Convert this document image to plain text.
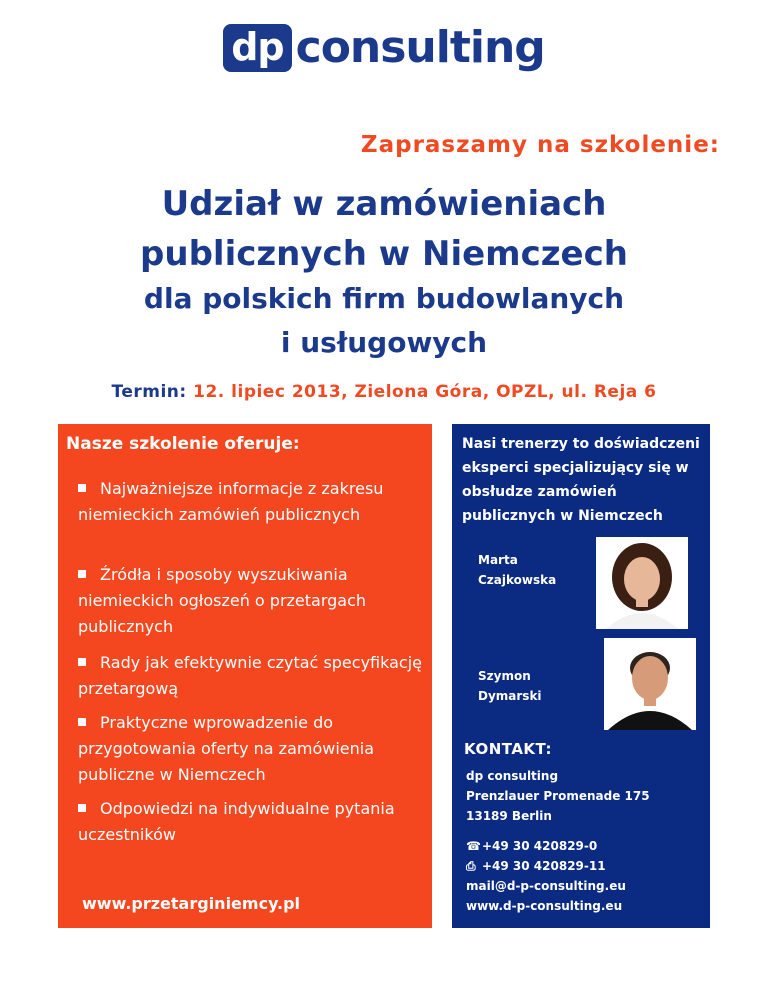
dp consulting
Zapraszamy na szkolenie:
Udział w zamówieniach
publicznych w Niemczech
dla polskich firm budowlanych
i usługowych
Termin: 12. lipiec 2013, Zielona Góra, OPZL, ul. Reja 6
Nasze szkolenie oferuje:
Najważniejsze informacje z zakresu niemieckich zamówień publicznych
Źródła i sposoby wyszukiwania niemieckich ogłoszeń o przetargach publicznych
Rady jak efektywnie czytać specyfikację przetargową
Praktyczne wprowadzenie do przygotowania oferty na zamówienia publiczne w Niemczech
Odpowiedzi na indywidualne pytania uczestników
www.przetarginiemcy.pl
Nasi trenerzy to doświadczeni eksperci specjalizujący się w obsłudze zamówień publicznych w Niemczech
Marta
Czajkowska
Szymon
Dymarski
KONTAKT:
dp consulting
Prenzlauer Promenade 175
13189 Berlin
☎+49 30 420829-0
⎙ +49 30 420829-11
mail@d-p-consulting.eu
www.d-p-consulting.eu
